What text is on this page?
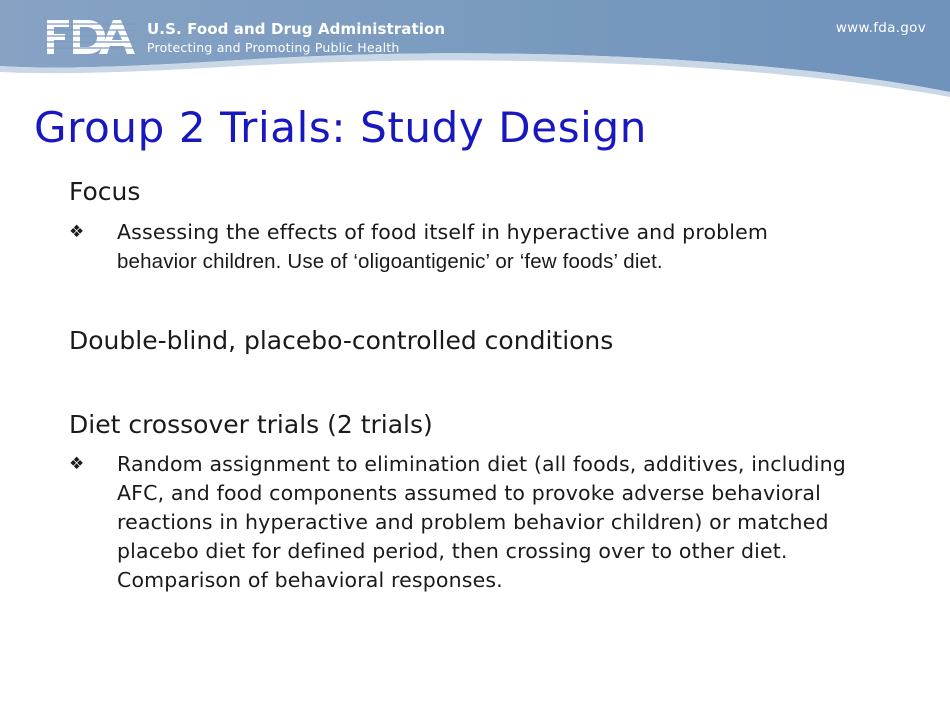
U.S. Food and Drug Administration
Protecting and Promoting Public Health
www.fda.gov
Group 2 Trials: Study Design
Focus
❖	Assessing the effects of food itself in hyperactive and problem
behavior children. Use of ‘oligoantigenic’ or ‘few foods’ diet.
Double-blind, placebo-controlled conditions
Diet crossover trials (2 trials)
❖	Random assignment to elimination diet (all foods, additives, including AFC, and food components assumed to provoke adverse behavioral reactions in hyperactive and problem behavior children) or matched placebo diet for defined period, then crossing over to other diet. Comparison of behavioral responses.
